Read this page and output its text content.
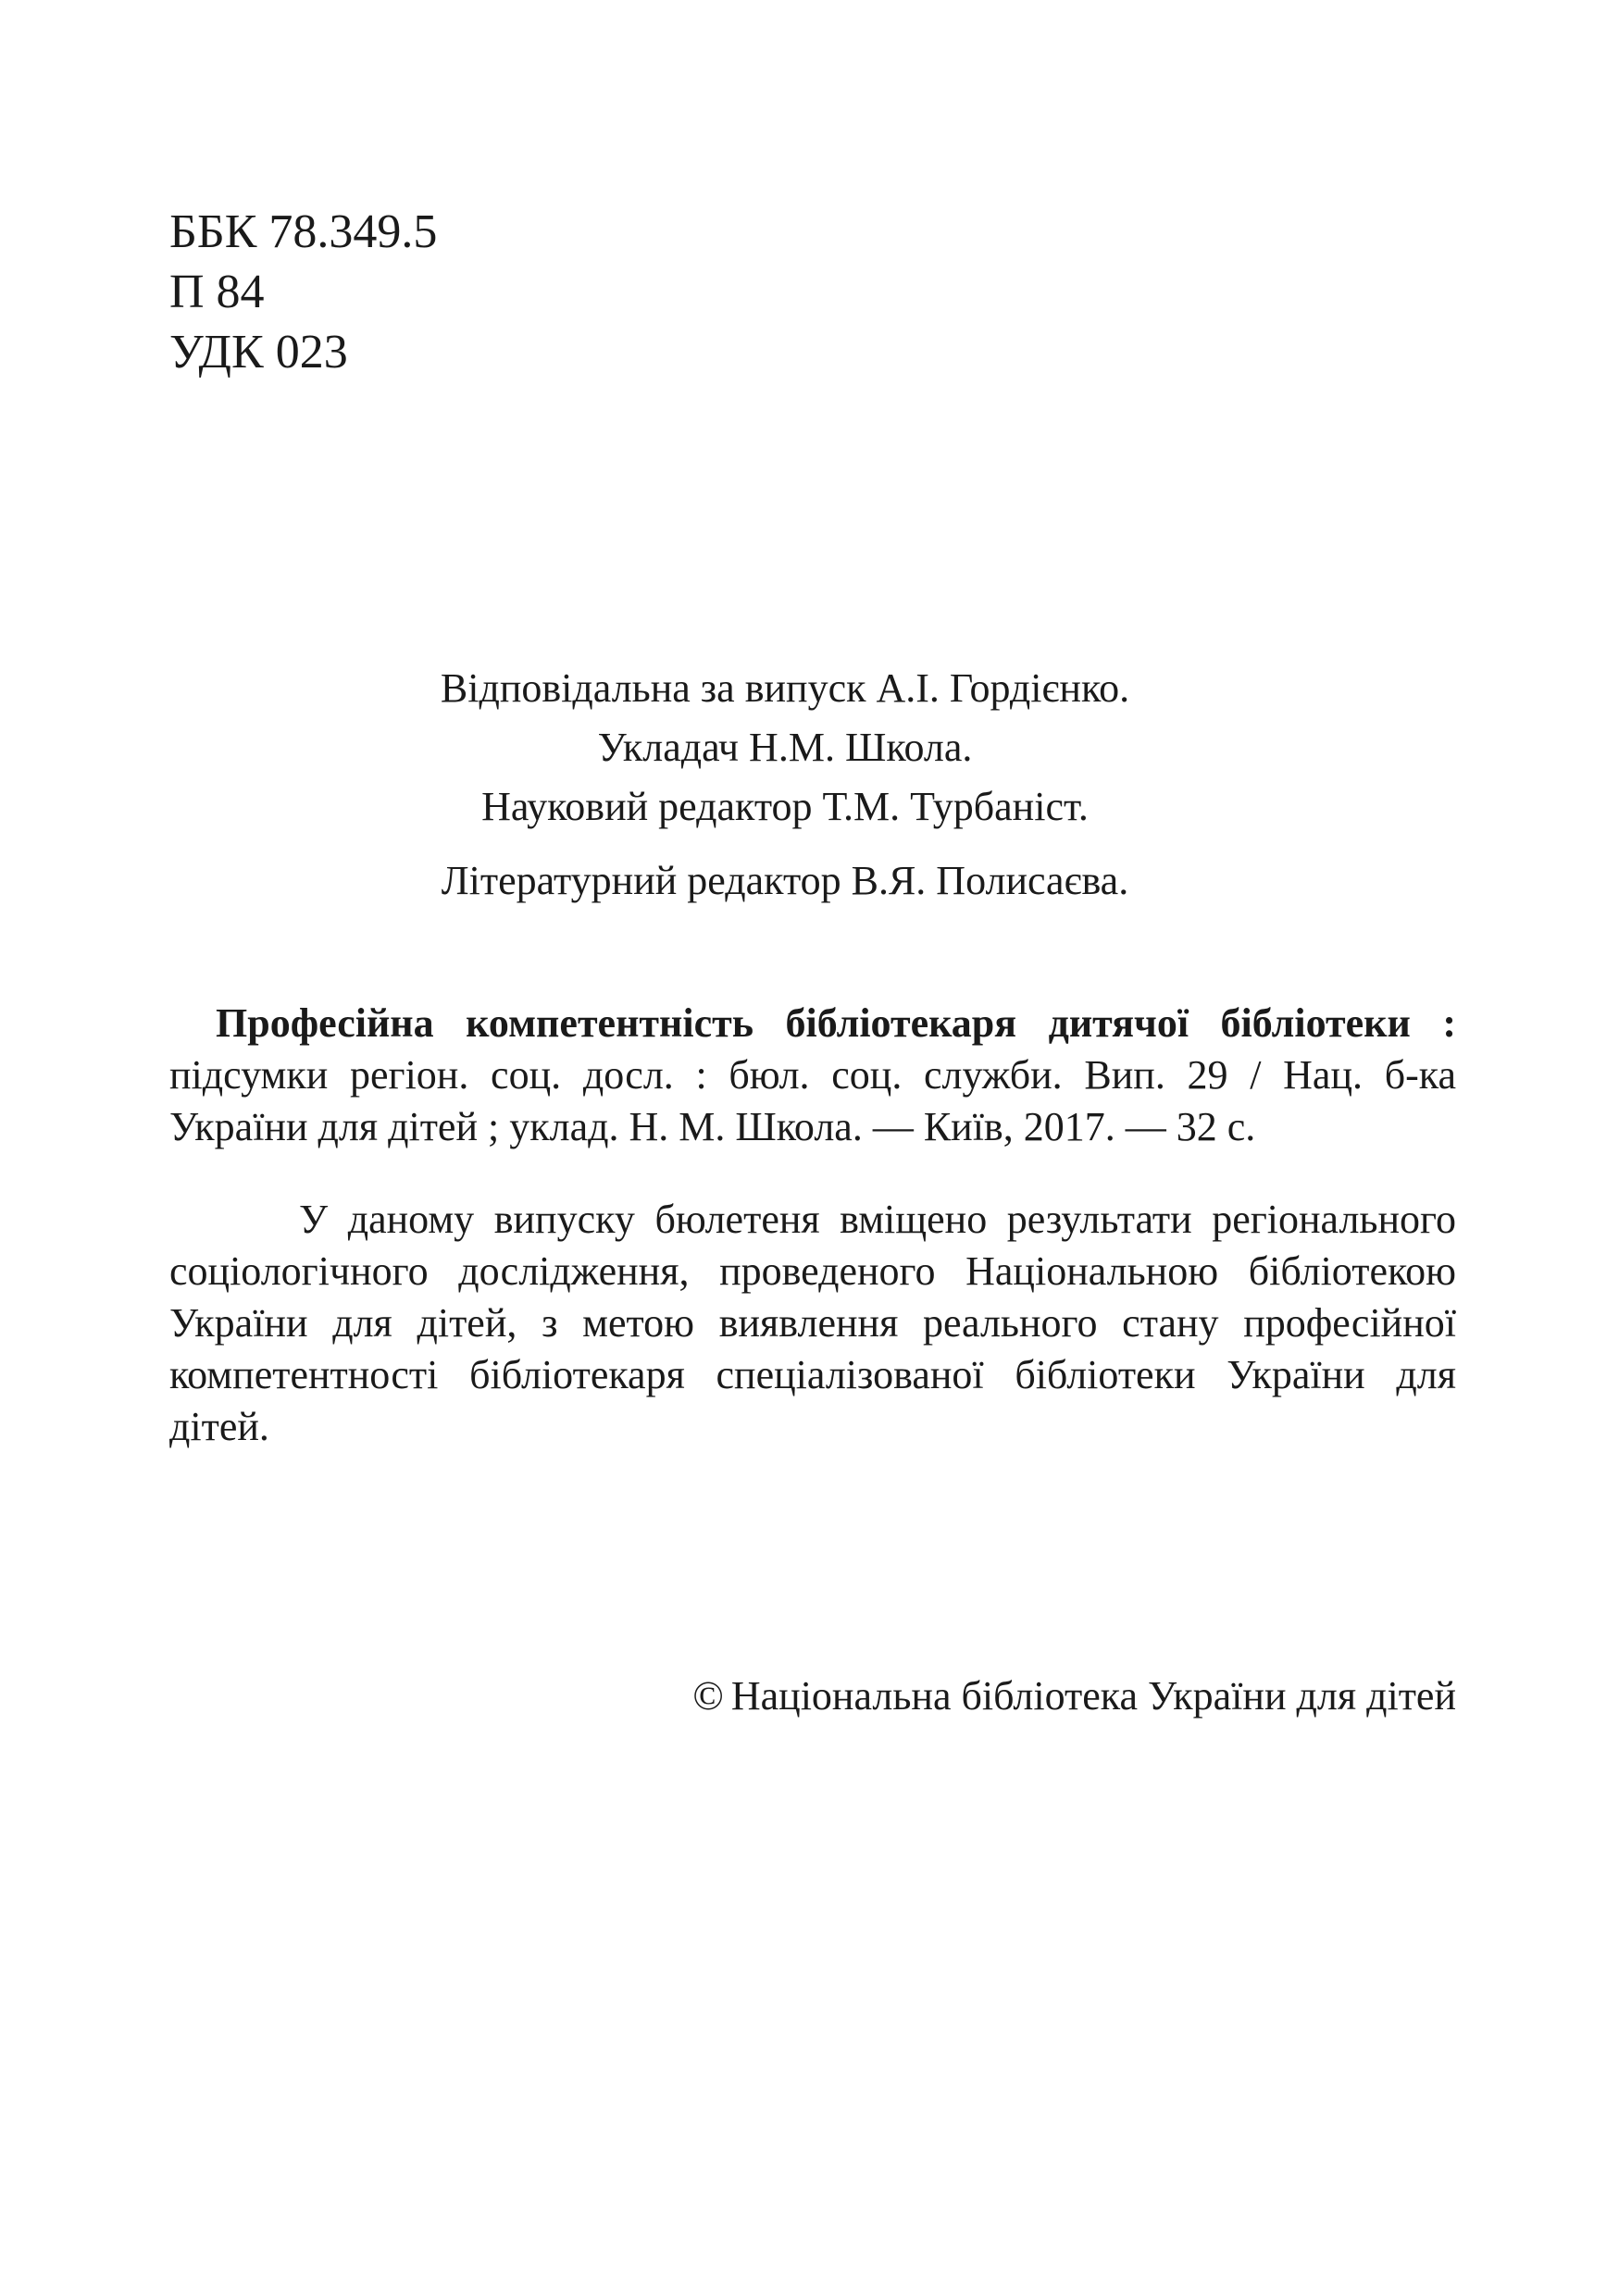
ББК 78.349.5
П 84
УДК 023
Відповідальна за випуск А.І. Гордієнко.
Укладач Н.М. Школа.
Науковий редактор Т.М. Турбаніст.
Літературний редактор В.Я. Полисаєва.
Професійна компетентність бібліотекаря дитячої бібліотеки : підсумки регіон. соц. досл. : бюл. соц. служби. Вип. 29 / Нац. б-ка України для дітей ; уклад. Н. М. Школа. — Київ, 2017. — 32 с.
У даному випуску бюлетеня вміщено результати регіонального соціологічного дослідження, проведеного Національною бібліотекою України для дітей, з метою виявлення реального стану професійної компетентності бібліотекаря спеціалізованої бібліотеки України для дітей.
© Національна бібліотека України для дітей
